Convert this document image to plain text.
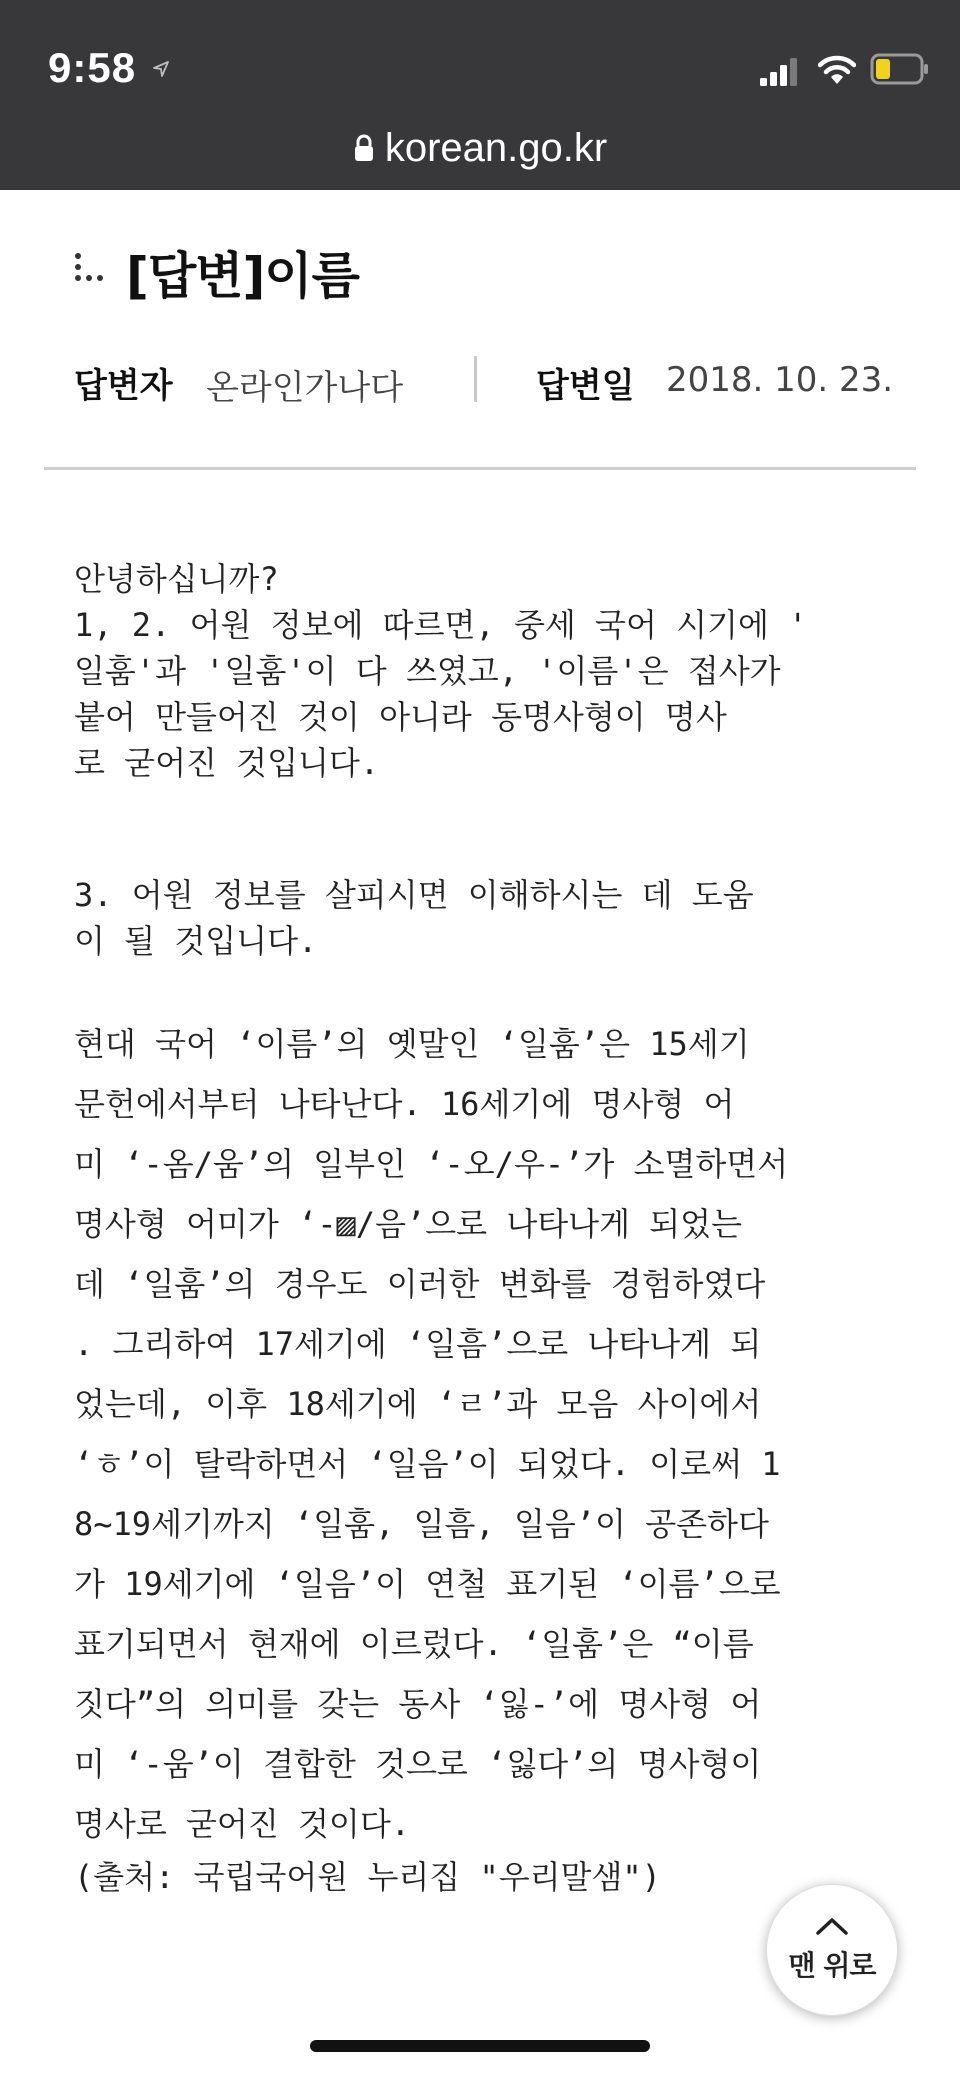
9:58
korean.go.kr
[답변]이름
답변자 온라인가나다	답변일 2018. 10. 23.

안녕하십니까?
1, 2. 어원 정보에 따르면, 중세 국어 시기에 '
일훔'과 '일훔'이 다 쓰였고, '이름'은 접사가
붙어 만들어진 것이 아니라 동명사형이 명사
로 굳어진 것입니다.

3. 어원 정보를 살피시면 이해하시는 데 도움
이 될 것입니다.

현대 국어 ‘이름’의 옛말인 ‘일훔’은 15세기
문헌에서부터 나타난다. 16세기에 명사형 어
미 ‘-옴/움’의 일부인 ‘-오/우-’가 소멸하면서
명사형 어미가 ‘-▨/음’으로 나타나게 되었는
데 ‘일훔’의 경우도 이러한 변화를 경험하였다
. 그리하여 17세기에 ‘일흠’으로 나타나게 되
었는데, 이후 18세기에 ‘ㄹ’과 모음 사이에서
‘ㅎ’이 탈락하면서 ‘일음’이 되었다. 이로써 1
8~19세기까지 ‘일훔, 일흠, 일음’이 공존하다
가 19세기에 ‘일음’이 연철 표기된 ‘이름’으로
표기되면서 현재에 이르렀다. ‘일훔’은 “이름
짓다”의 의미를 갖는 동사 ‘잃-’에 명사형 어
미 ‘-움’이 결합한 것으로 ‘잃다’의 명사형이
명사로 굳어진 것이다.

(출처: 국립국어원 누리집 "우리말샘")
맨 위로
